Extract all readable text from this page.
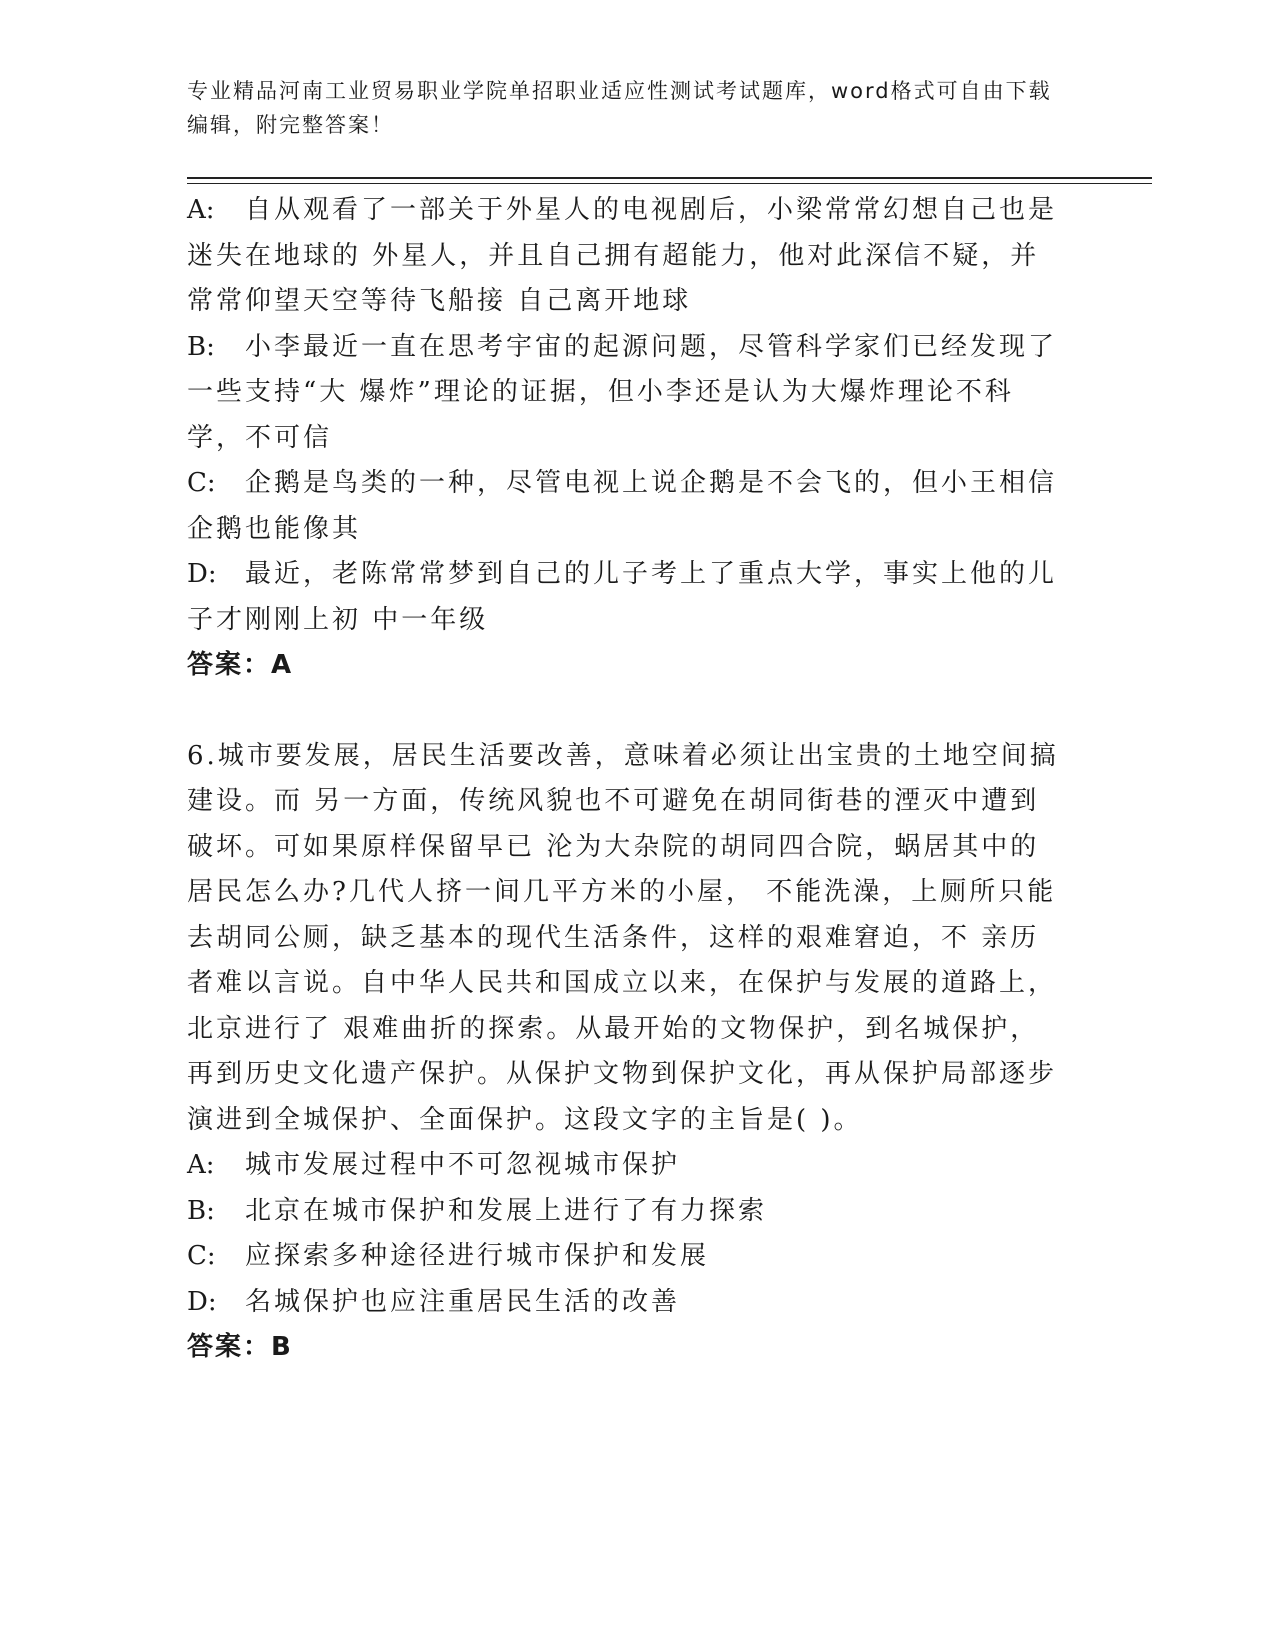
专业精品河南工业贸易职业学院单招职业适应性测试考试题库，word格式可自由下载编辑，附完整答案！
A: 自从观看了一部关于外星人的电视剧后，小梁常常幻想自己也是迷失在地球的 外星人，并且自己拥有超能力，他对此深信不疑，并常常仰望天空等待飞船接 自己离开地球
B: 小李最近一直在思考宇宙的起源问题，尽管科学家们已经发现了一些支持“大 爆炸”理论的证据，但小李还是认为大爆炸理论不科学，不可信
C: 企鹅是鸟类的一种，尽管电视上说企鹅是不会飞的，但小王相信企鹅也能像其
D: 最近，老陈常常梦到自己的儿子考上了重点大学，事实上他的儿子才刚刚上初 中一年级
答案：A
6.城市要发展，居民生活要改善，意味着必须让出宝贵的土地空间搞建设。而 另一方面，传统风貌也不可避免在胡同街巷的湮灭中遭到破坏。可如果原样保留早已 沦为大杂院的胡同四合院，蜗居其中的居民怎么办?几代人挤一间几平方米的小屋， 不能洗澡，上厕所只能去胡同公厕，缺乏基本的现代生活条件，这样的艰难窘迫，不 亲历者难以言说。自中华人民共和国成立以来，在保护与发展的道路上，北京进行了 艰难曲折的探索。从最开始的文物保护，到名城保护，再到历史文化遗产保护。从保护文物到保护文化，再从保护局部逐步演进到全城保护、全面保护。这段文字的主旨是( )。
A:	城市发展过程中不可忽视城市保护
B:	北京在城市保护和发展上进行了有力探索
C:	应探索多种途径进行城市保护和发展
D:	名城保护也应注重居民生活的改善
答案：B
